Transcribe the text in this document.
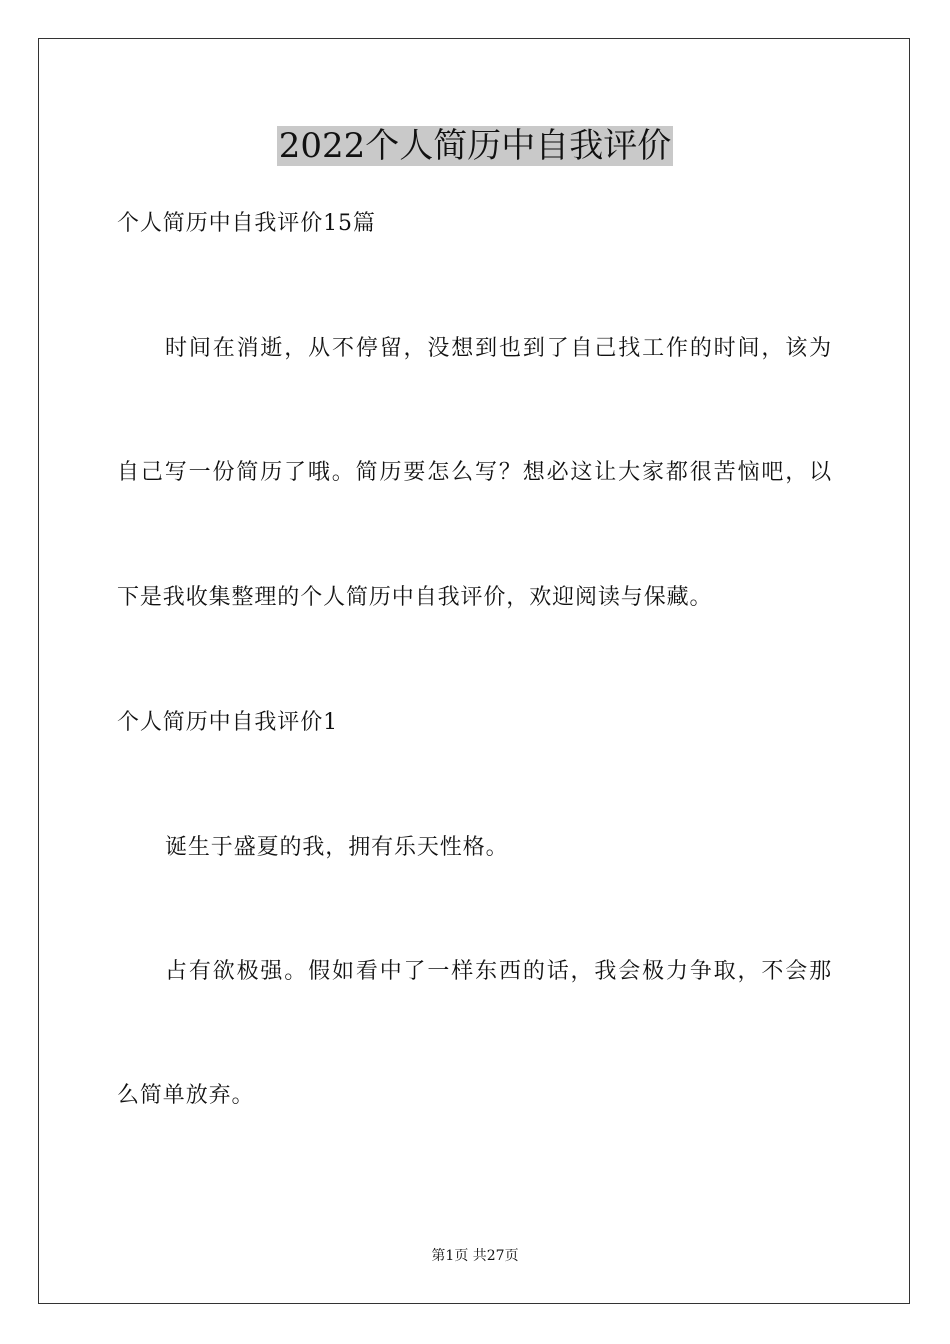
2022个人简历中自我评价

个人简历中自我评价15篇

时间在消逝，从不停留，没想到也到了自己找工作的时间，该为

自己写一份简历了哦。简历要怎么写？想必这让大家都很苦恼吧，以

下是我收集整理的个人简历中自我评价，欢迎阅读与保藏。

个人简历中自我评价1

诞生于盛夏的我，拥有乐天性格。

占有欲极强。假如看中了一样东西的话，我会极力争取，不会那

么简单放弃。

第1页 共27页
